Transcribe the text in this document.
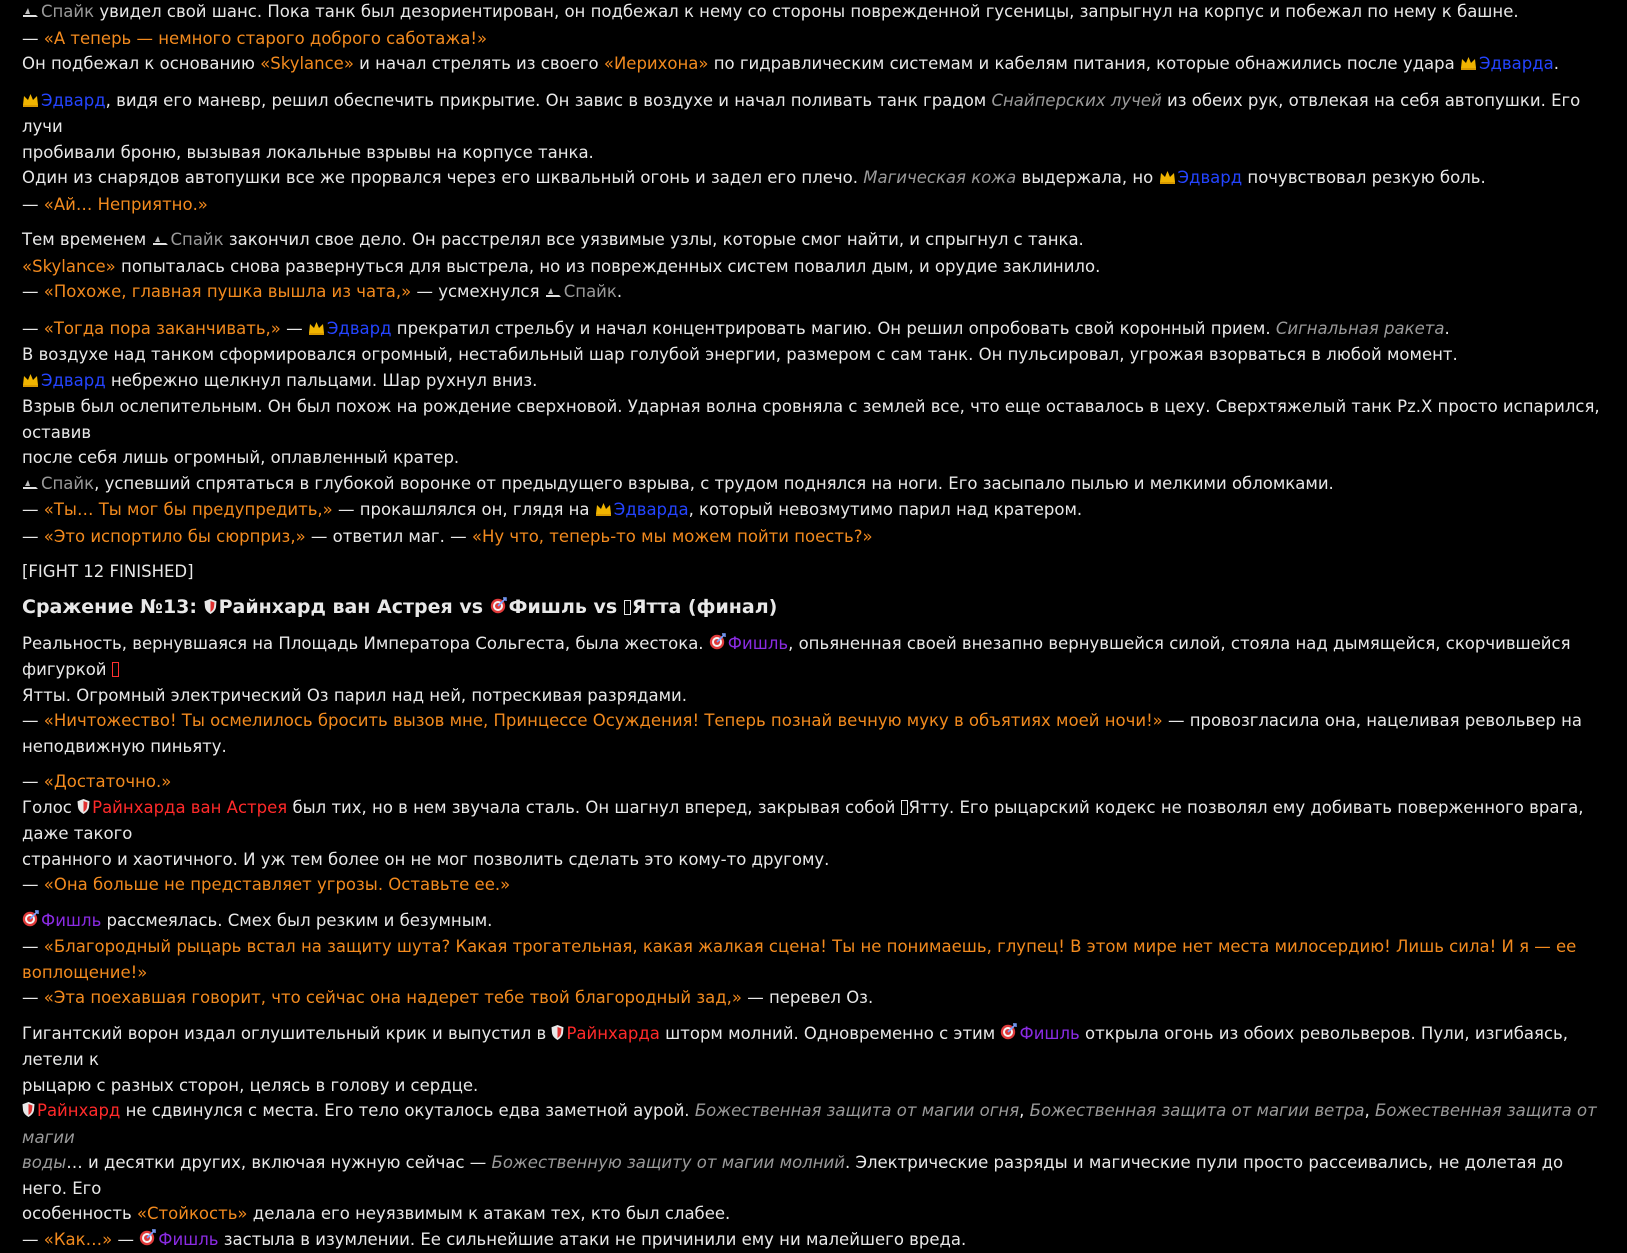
Спайк увидел свой шанс. Пока танк был дезориентирован, он подбежал к нему со стороны поврежденной гусеницы, запрыгнул на корпус и побежал по нему к башне.
— «А теперь — немного старого доброго саботажа!»
Он подбежал к основанию «Skylance» и начал стрелять из своего «Иерихона» по гидравлическим системам и кабелям питания, которые обнажились после удара Эдварда.
Эдвард, видя его маневр, решил обеспечить прикрытие. Он завис в воздухе и начал поливать танк градом Снайперских лучей из обеих рук, отвлекая на себя автопушки. Его лучи
пробивали броню, вызывая локальные взрывы на корпусе танка.
Один из снарядов автопушки все же прорвался через его шквальный огонь и задел его плечо. Магическая кожа выдержала, но Эдвард почувствовал резкую боль.
— «Ай… Неприятно.»
Тем временем Спайк закончил свое дело. Он расстрелял все уязвимые узлы, которые смог найти, и спрыгнул с танка.
«Skylance» попыталась снова развернуться для выстрела, но из поврежденных систем повалил дым, и орудие заклинило.
— «Похоже, главная пушка вышла из чата,» — усмехнулся Спайк.
— «Тогда пора заканчивать,» — Эдвард прекратил стрельбу и начал концентрировать магию. Он решил опробовать свой коронный прием. Сигнальная ракета.
В воздухе над танком сформировался огромный, нестабильный шар голубой энергии, размером с сам танк. Он пульсировал, угрожая взорваться в любой момент.
Эдвард небрежно щелкнул пальцами. Шар рухнул вниз.
Взрыв был ослепительным. Он был похож на рождение сверхновой. Ударная волна сровняла с землей все, что еще оставалось в цеху. Сверхтяжелый танк Pz.X просто испарился, оставив
после себя лишь огромный, оплавленный кратер.
Спайк, успевший спрятаться в глубокой воронке от предыдущего взрыва, с трудом поднялся на ноги. Его засыпало пылью и мелкими обломками.
— «Ты… Ты мог бы предупредить,» — прокашлялся он, глядя на Эдварда, который невозмутимо парил над кратером.
— «Это испортило бы сюрприз,» — ответил маг. — «Ну что, теперь-то мы можем пойти поесть?»
[FIGHT 12 FINISHED]
Сражение №13: Райнхард ван Астрея vs Фишль vs Ятта (финал)
Реальность, вернувшаяся на Площадь Императора Сольгеста, была жестока. Фишль, опьяненная своей внезапно вернувшейся силой, стояла над дымящейся, скорчившейся фигуркой
Ятты. Огромный электрический Оз парил над ней, потрескивая разрядами.
— «Ничтожество! Ты осмелилось бросить вызов мне, Принцессе Осуждения! Теперь познай вечную муку в объятиях моей ночи!» — провозгласила она, нацеливая револьвер на
неподвижную пиньяту.
— «Достаточно.»
Голос Райнхарда ван Астрея был тих, но в нем звучала сталь. Он шагнул вперед, закрывая собой Ятту. Его рыцарский кодекс не позволял ему добивать поверженного врага, даже такого
странного и хаотичного. И уж тем более он не мог позволить сделать это кому-то другому.
— «Она больше не представляет угрозы. Оставьте ее.»
Фишль рассмеялась. Смех был резким и безумным.
— «Благородный рыцарь встал на защиту шута? Какая трогательная, какая жалкая сцена! Ты не понимаешь, глупец! В этом мире нет места милосердию! Лишь сила! И я — ее воплощение!»
— «Эта поехавшая говорит, что сейчас она надерет тебе твой благородный зад,» — перевел Оз.
Гигантский ворон издал оглушительный крик и выпустил в Райнхарда шторм молний. Одновременно с этим Фишль открыла огонь из обоих револьверов. Пули, изгибаясь, летели к
рыцарю с разных сторон, целясь в голову и сердце.
Райнхард не сдвинулся с места. Его тело окуталось едва заметной аурой. Божественная защита от магии огня, Божественная защита от магии ветра, Божественная защита от магии
воды… и десятки других, включая нужную сейчас — Божественную защиту от магии молний. Электрические разряды и магические пули просто рассеивались, не долетая до него. Его
особенность «Стойкость» делала его неуязвимым к атакам тех, кто был слабее.
— «Как…» — Фишль застыла в изумлении. Ее сильнейшие атаки не причинили ему ни малейшего вреда.
